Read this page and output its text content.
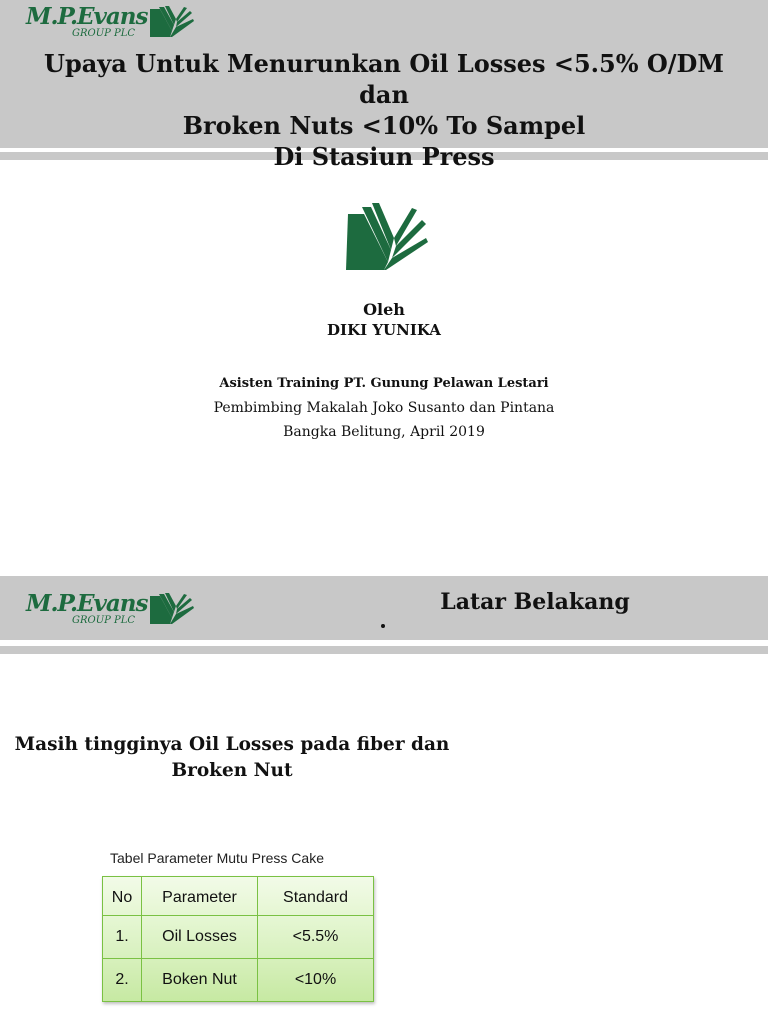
M.P.Evans
GROUP PLC
Upaya Untuk Menurunkan Oil Losses <5.5% O/DM dan
Broken Nuts <10% To Sampel
Di Stasiun Press
Oleh
DIKI YUNIKA
Asisten Training PT. Gunung Pelawan Lestari
Pembimbing Makalah Joko Susanto dan Pintana
Bangka Belitung, April 2019
M.P.Evans
GROUP PLC
Latar Belakang
Masih tingginya Oil Losses pada fiber dan
Broken Nut
Tabel Parameter Mutu Press Cake
No	Parameter	Standard
1.	Oil Losses	<5.5%
2.	Boken Nut	<10%
